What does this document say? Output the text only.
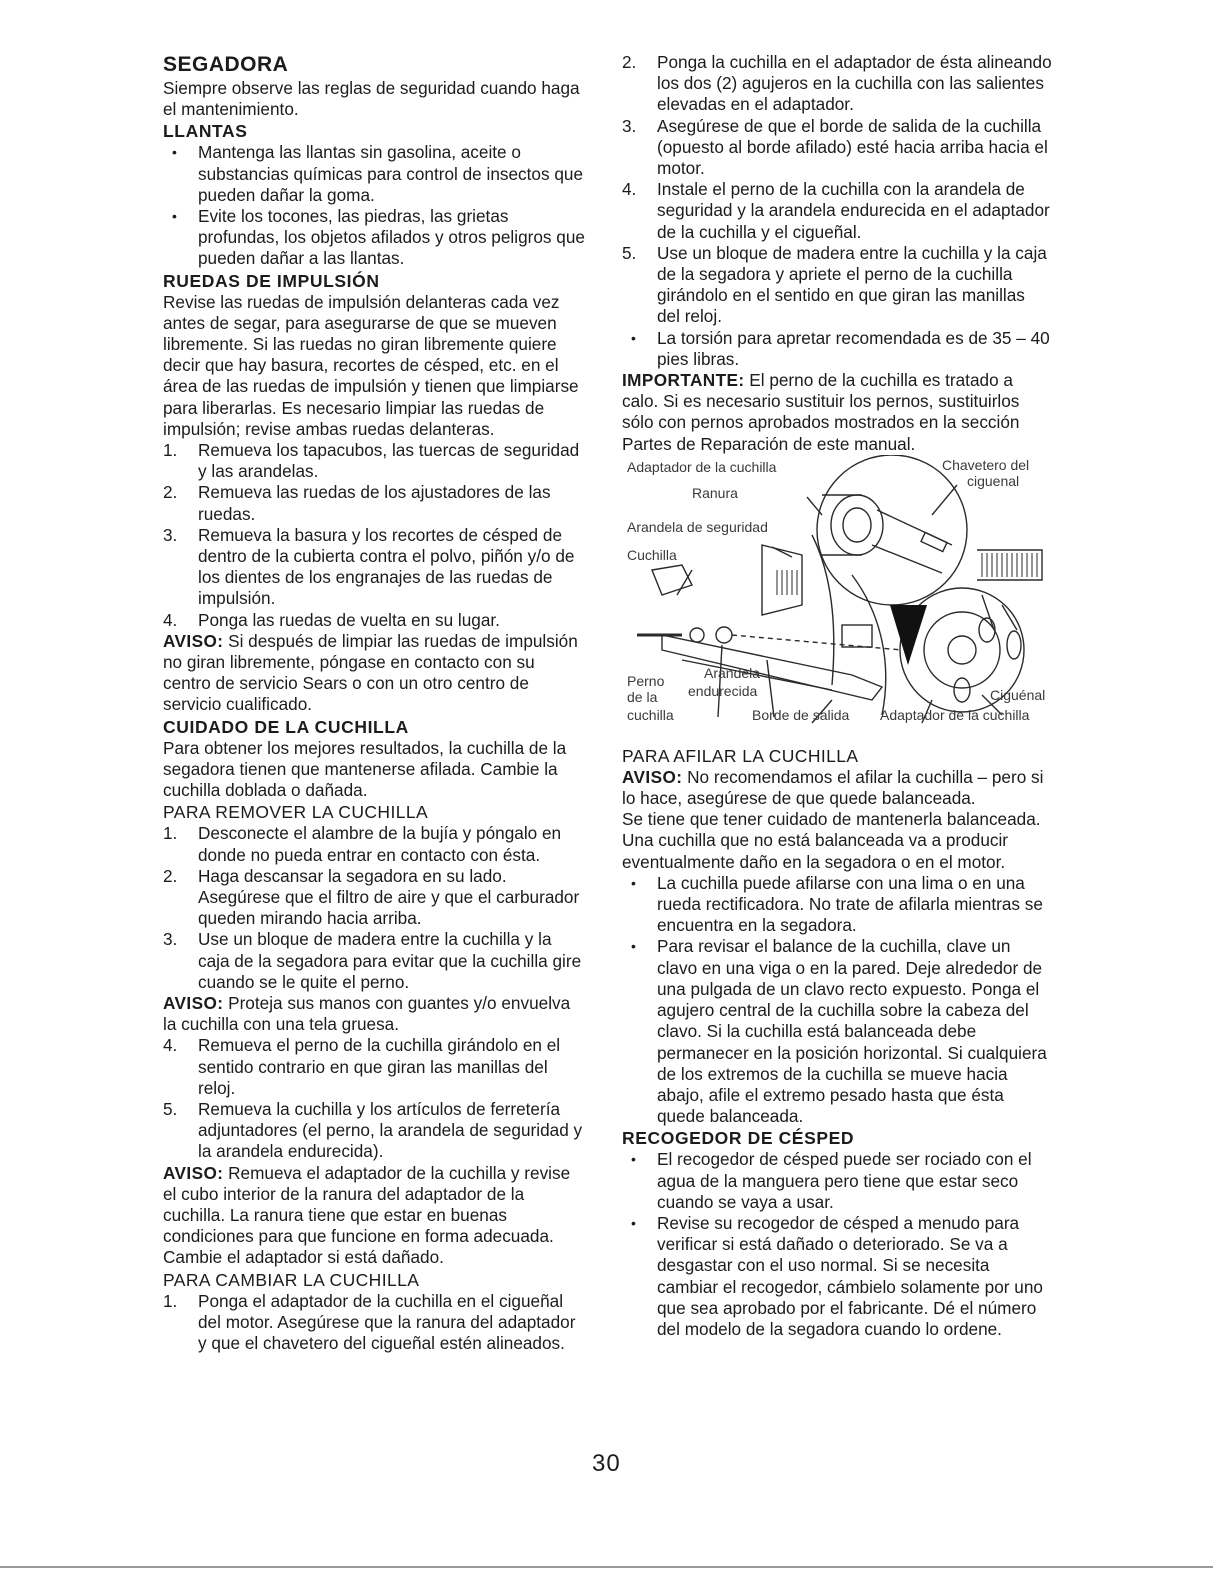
SEGADORA

Siempre observe las reglas de seguridad cuando haga el mantenimiento.

LLANTAS
•	Mantenga las llantas sin gasolina, aceite o substancias químicas para control de insectos que pueden dañar la goma.
•	Evite los tocones, las piedras, las grietas profundas, los objetos afilados y otros peligros que pueden dañar a las llantas.
RUEDAS DE IMPULSIÓN

Revise las ruedas de impulsión delanteras cada vez antes de segar, para asegurarse de que se mueven libremente. Si las ruedas no giran libremente quiere decir que hay basura, recortes de césped, etc. en el área de las ruedas de impulsión y tienen que limpiarse para liberarlas. Es necesario limpiar las ruedas de impulsión; revise ambas ruedas delanteras.

1.	Remueva los tapacubos, las tuercas de seguridad y las arandelas.
2.	Remueva las ruedas de los ajustadores de las ruedas.
3.	Remueva la basura y los recortes de césped de dentro de la cubierta contra el polvo, piñón y/o de los dientes de los engranajes de las ruedas de impulsión.
4.	Ponga las ruedas de vuelta en su lugar.

AVISO: Si después de limpiar las ruedas de impulsión no giran libremente, póngase en contacto con su centro de servicio Sears o con un otro centro de servicio cualificado.

CUIDADO DE LA CUCHILLA

Para obtener los mejores resultados, la cuchilla de la segadora tienen que mantenerse afilada. Cambie la cuchilla doblada o dañada.

PARA REMOVER LA CUCHILLA
1.	Desconecte el alambre de la bujía y póngalo en donde no pueda entrar en contacto con ésta.
2.	Haga descansar la segadora en su lado. Asegúrese que el filtro de aire y que el carburador queden mirando hacia arriba.
3.	Use un bloque de madera entre la cuchilla y la caja de la segadora para evitar que la cuchilla gire cuando se le quite el perno.

AVISO: Proteja sus manos con guantes y/o envuelva la cuchilla con una tela gruesa.

4.	Remueva el perno de la cuchilla girándolo en el sentido contrario en que giran las manillas del reloj.
5.	Remueva la cuchilla y los artículos de ferretería adjuntadores (el perno, la arandela de seguridad y la arandela endurecida).

AVISO: Remueva el adaptador de la cuchilla y revise el cubo interior de la ranura del adaptador de la cuchilla. La ranura tiene que estar en buenas condiciones para que funcione en forma adecuada. Cambie el adaptador si está dañado.

PARA CAMBIAR LA CUCHILLA
1.	Ponga el adaptador de la cuchilla en el cigueñal del motor. Asegúrese que la ranura del adaptador y que el chavetero del cigueñal estén alineados.
2.	Ponga la cuchilla en el adaptador de ésta alineando los dos (2) agujeros en la cuchilla con las salientes elevadas en el adaptador.
3.	Asegúrese de que el borde de salida de la cuchilla (opuesto al borde afilado) esté hacia arriba hacia el motor.
4.	Instale el perno de la cuchilla con la arandela de seguridad y la arandela endurecida en el adaptador de la cuchilla y el cigueñal.
5.	Use un bloque de madera entre la cuchilla y la caja de la segadora y apriete el perno de la cuchilla girándolo en el sentido en que giran las manillas del reloj.
•	La torsión para apretar recomendada es de 35 – 40 pies libras.

IMPORTANTE: El perno de la cuchilla es tratado a calo. Si es necesario sustituir los pernos, sustituirlos sólo con pernos aprobados mostrados en la sección Partes de Reparación de este manual.

Adaptador de la cuchilla	Chavetero del
ciguenal
Ranura
Arandela de seguridad
Cuchilla
Perno
de la
cuchilla
Arandela
endurecida
Borde de salida Adaptador de la cuchilla
Ciguénal
PARA AFILAR LA CUCHILLA

AVISO: No recomendamos el afilar la cuchilla – pero si lo hace, asegúrese de que quede balanceada.

Se tiene que tener cuidado de mantenerla balanceada. Una cuchilla que no está balanceada va a producir eventualmente daño en la segadora o en el motor.

•	La cuchilla puede afilarse con una lima o en una rueda rectificadora. No trate de afilarla mientras se encuentra en la segadora.
•	Para revisar el balance de la cuchilla, clave un clavo en una viga o en la pared. Deje alrededor de una pulgada de un clavo recto expuesto. Ponga el agujero central de la cuchilla sobre la cabeza del clavo. Si la cuchilla está balanceada debe permanecer en la posición horizontal. Si cualquiera de los extremos de la cuchilla se mueve hacia abajo, afile el extremo pesado hasta que ésta quede balanceada.
RECOGEDOR DE CÉSPED
•	El recogedor de césped puede ser rociado con el agua de la manguera pero tiene que estar seco cuando se vaya a usar.
•	Revise su recogedor de césped a menudo para verificar si está dañado o deteriorado. Se va a desgastar con el uso normal. Si se necesita cambiar el recogedor, cámbielo solamente por uno que sea aprobado por el fabricante. Dé el número del modelo de la segadora cuando lo ordene.
30
